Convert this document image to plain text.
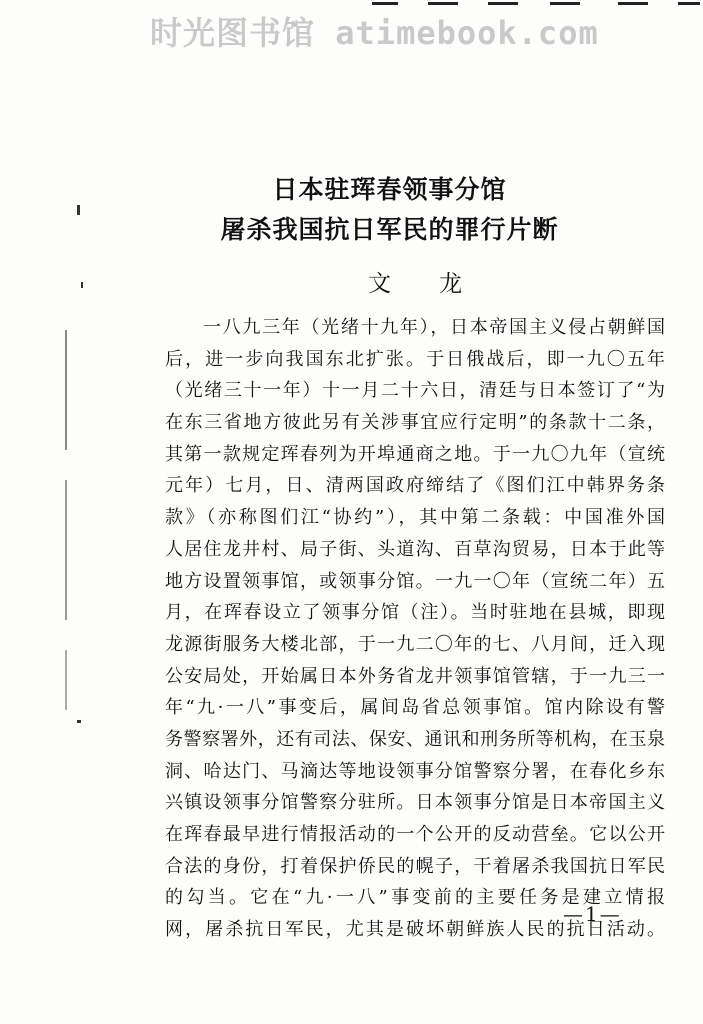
时光图书馆 atimebook.com
日本驻珲春领事分馆
屠杀我国抗日军民的罪行片断
文龙
一八九三年（光绪十九年），日本帝国主义侵占朝鲜国
后，进一步向我国东北扩张。于日俄战后，即一九〇五年
（光绪三十一年）十一月二十六日，清廷与日本签订了“为
在东三省地方彼此另有关涉事宜应行定明”的条款十二条，
其第一款规定珲春列为开埠通商之地。于一九〇九年（宣统
元年）七月，日、清两国政府缔结了《图们江中韩界务条
款》（亦称图们江“协约”），其中第二条载：中国准外国
人居住龙井村、局子街、头道沟、百草沟贸易，日本于此等
地方设置领事馆，或领事分馆。一九一〇年（宣统二年）五
月，在珲春设立了领事分馆（注）。当时驻地在县城，即现
龙源街服务大楼北部，于一九二〇年的七、八月间，迁入现
公安局处，开始属日本外务省龙井领事馆管辖，于一九三一
年“九·一八”事变后，属间岛省总领事馆。馆内除设有警
务警察署外，还有司法、保安、通讯和刑务所等机构，在玉泉
洞、哈达门、马滴达等地设领事分馆警察分署，在春化乡东
兴镇设领事分馆警察分驻所。日本领事分馆是日本帝国主义
在珲春最早进行情报活动的一个公开的反动营垒。它以公开
合法的身份，打着保护侨民的幌子，干着屠杀我国抗日军民
的勾当。它在“九·一八”事变前的主要任务是建立情报
网，屠杀抗日军民，尤其是破坏朝鲜族人民的抗日活动。
—1—
